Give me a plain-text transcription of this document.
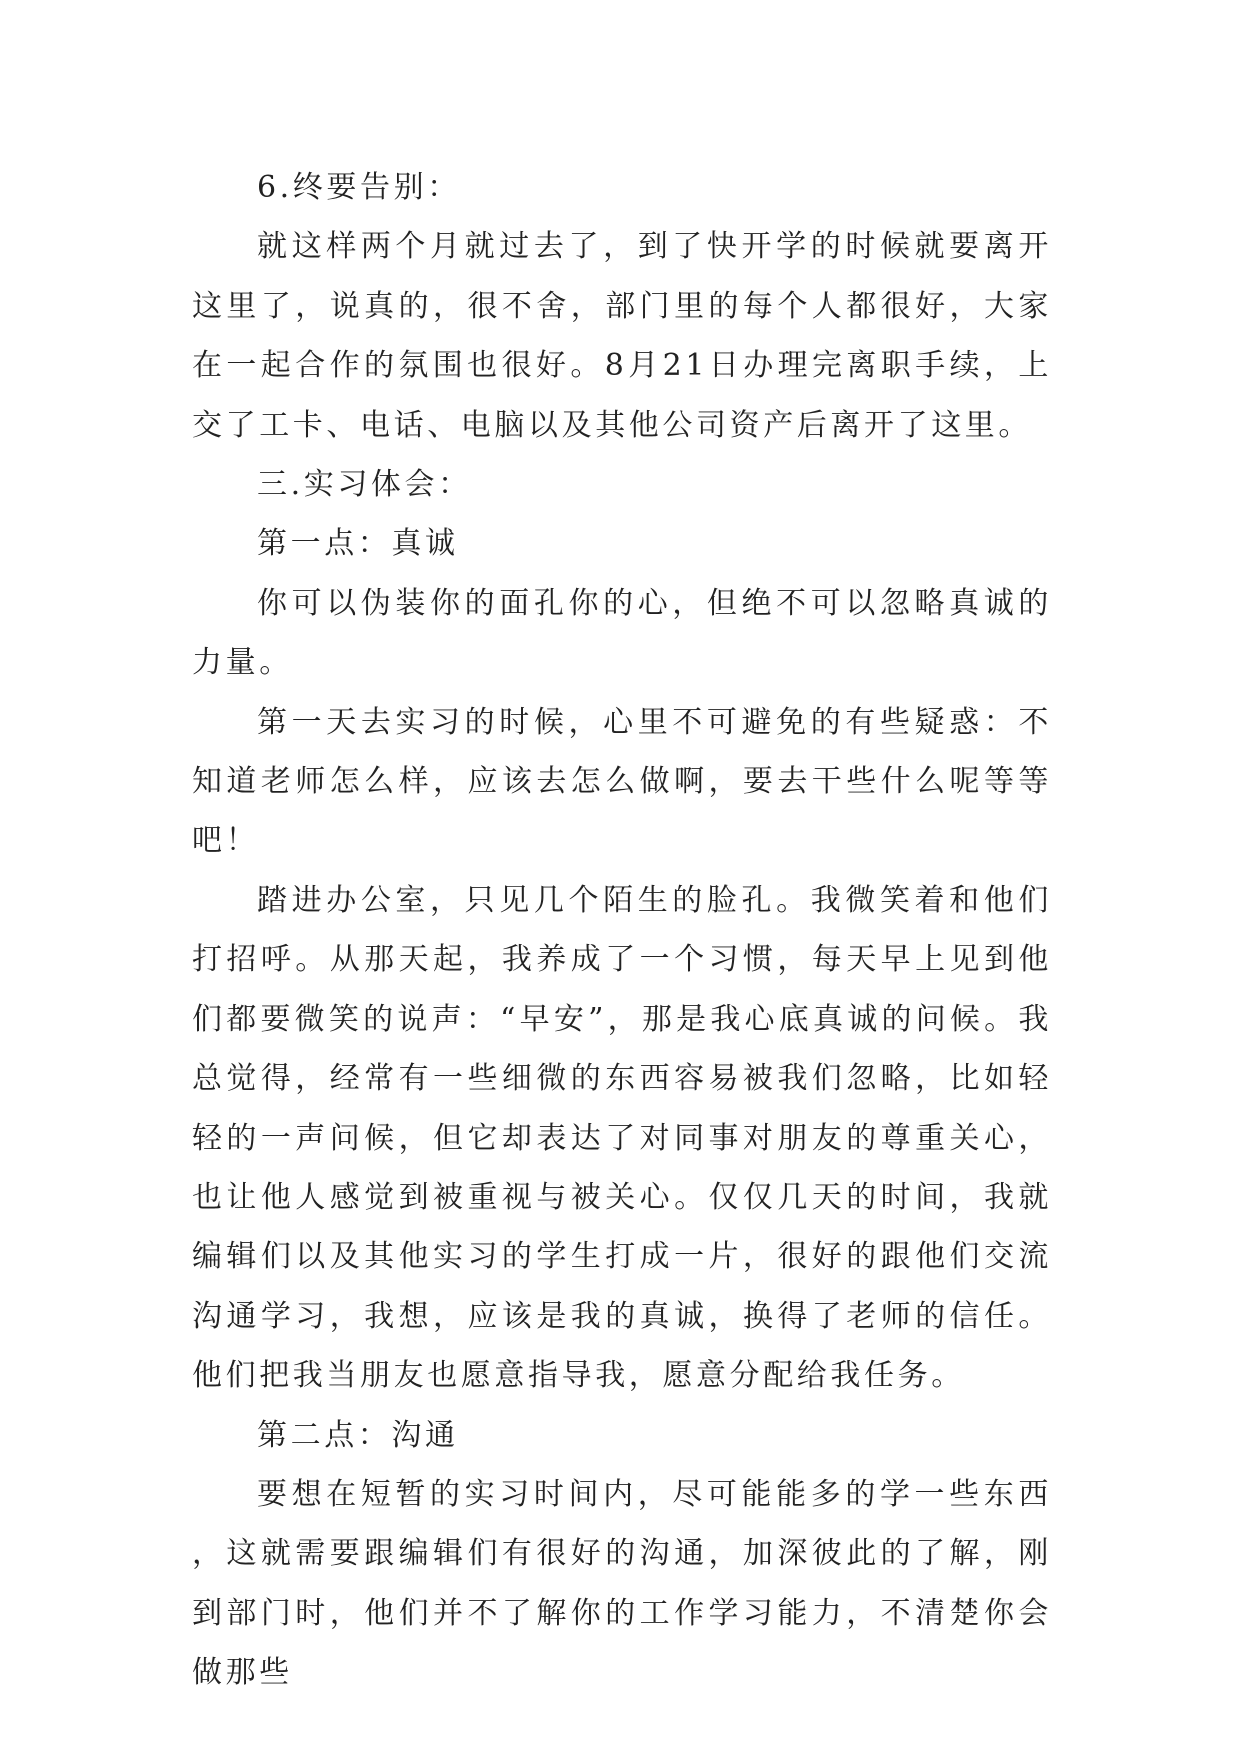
6.终要告别：

就这样两个月就过去了，到了快开学的时候就要离开这里了，说真的，很不舍，部门里的每个人都很好，大家在一起合作的氛围也很好。8月21日办理完离职手续，上交了工卡、电话、电脑以及其他公司资产后离开了这里。

三.实习体会：

第一点：真诚

你可以伪装你的面孔你的心，但绝不可以忽略真诚的力量。

第一天去实习的时候，心里不可避免的有些疑惑：不知道老师怎么样，应该去怎么做啊，要去干些什么呢等等吧！

踏进办公室，只见几个陌生的脸孔。我微笑着和他们打招呼。从那天起，我养成了一个习惯，每天早上见到他们都要微笑的说声：“早安”，那是我心底真诚的问候。我总觉得，经常有一些细微的东西容易被我们忽略，比如轻轻的一声问候，但它却表达了对同事对朋友的尊重关心，也让他人感觉到被重视与被关心。仅仅几天的时间，我就编辑们以及其他实习的学生打成一片，很好的跟他们交流沟通学习，我想，应该是我的真诚，换得了老师的信任。他们把我当朋友也愿意指导我，愿意分配给我任务。

第二点：沟通

要想在短暂的实习时间内，尽可能能多的学一些东西，这就需要跟编辑们有很好的沟通，加深彼此的了解，刚到部门时，他们并不了解你的工作学习能力，不清楚你会做那些
